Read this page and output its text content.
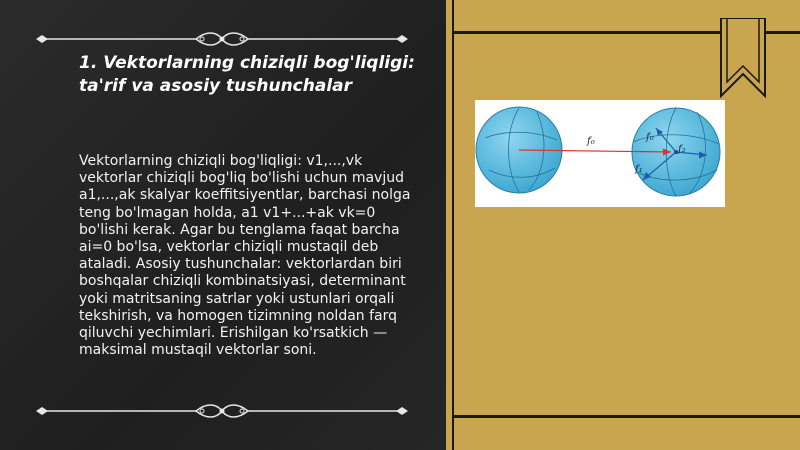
1. Vektorlarning chiziqli bog'liqligi: ta'rif va asosiy tushunchalar

Vektorlarning chiziqli bog'liqligi: v1,...,vk vektorlar chiziqli bog'liq bo'lishi uchun mavjud a1,...,ak skalyar koeffitsiyentlar, barchasi nolga teng bo'lmagan holda, a1 v1+...+ak vk=0 bo'lishi kerak. Agar bu tenglama faqat barcha ai=0 bo'lsa, vektorlar chiziqli mustaqil deb ataladi. Asosiy tushunchalar: vektorlardan biri boshqalar chiziqli kombinatsiyasi, determinant yoki matritsaning satrlar yoki ustunlari orqali tekshirish, va homogen tizimning noldan farq qiluvchi yechimlari. Erishilgan ko'rsatkich — maksimal mustaqil vektorlar soni.

f₀	f₀
f₂
f₁
